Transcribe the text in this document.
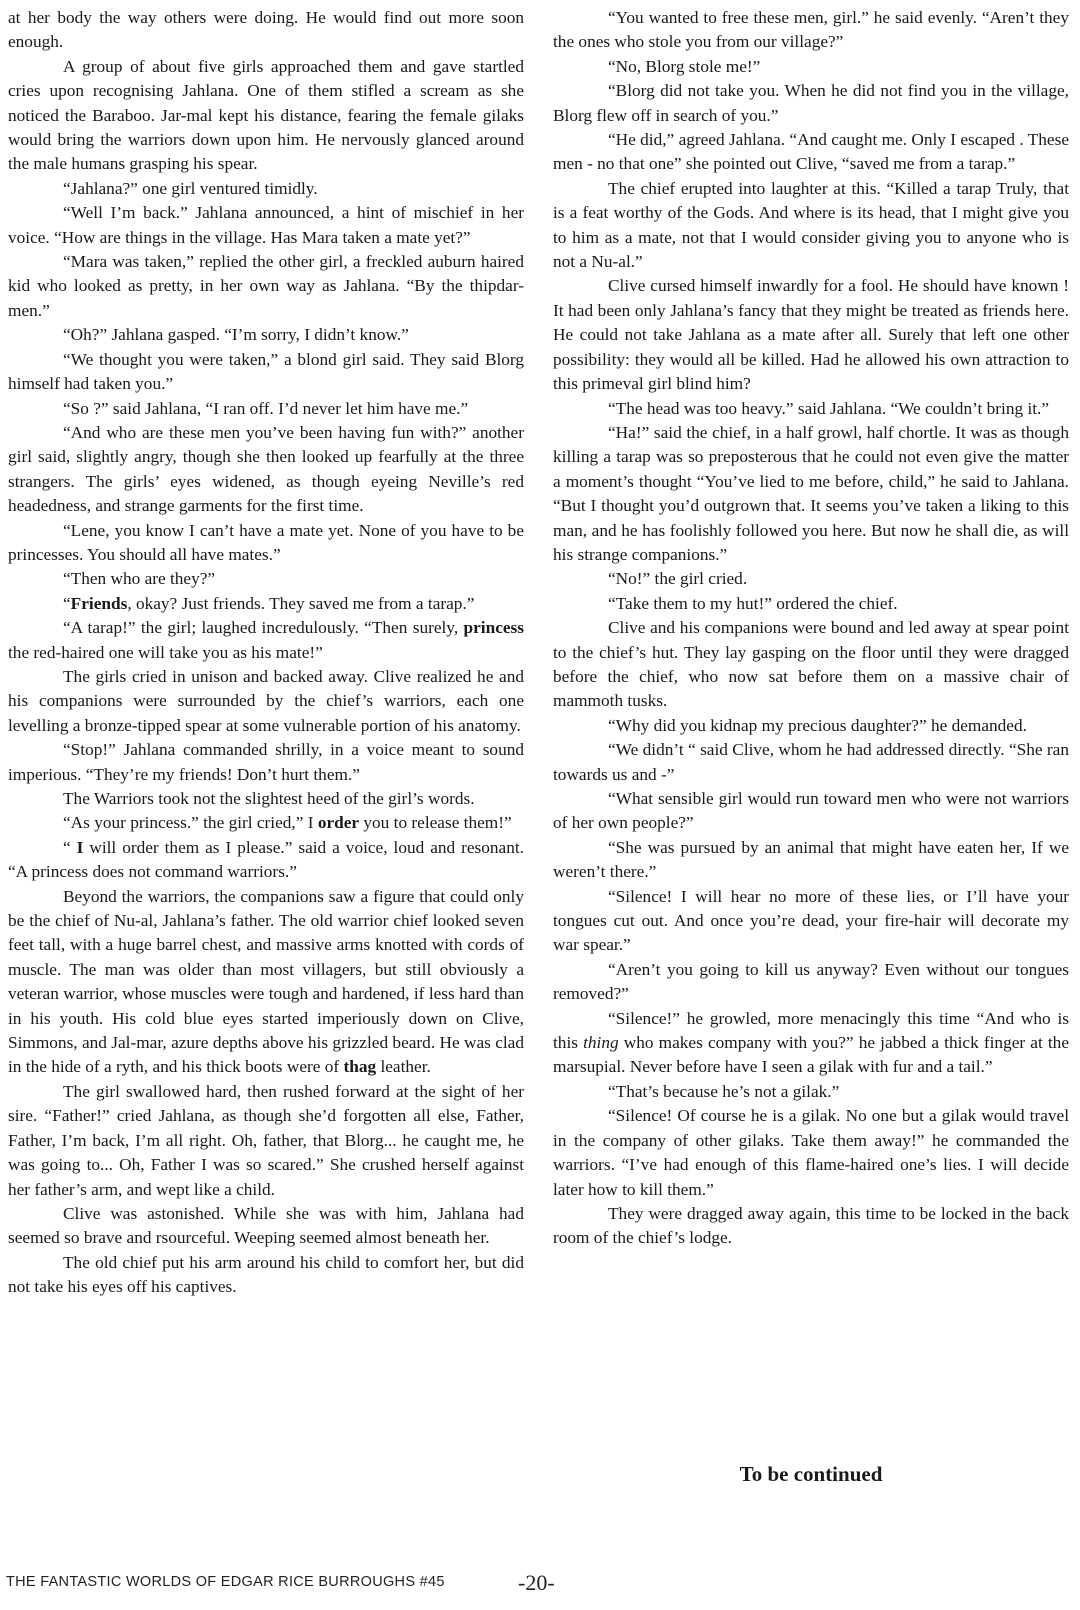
at her body the way others were doing. He would find out more soon enough.

A group of about five girls approached them and gave startled cries upon recognising Jahlana. One of them stifled a scream as she noticed the Baraboo. Jar-mal kept his distance, fearing the female gilaks would bring the warriors down upon him. He nervously glanced around the male humans grasping his spear.

“Jahlana?” one girl ventured timidly.

“Well I’m back.” Jahlana announced, a hint of mischief in her voice. “How are things in the village. Has Mara taken a mate yet?”

“Mara was taken,” replied the other girl, a freckled auburn haired kid who looked as pretty, in her own way as Jahlana. “By the thipdar-men.”

“Oh?” Jahlana gasped. “I’m sorry, I didn’t know.”

“We thought you were taken,” a blond girl said. They said Blorg himself had taken you.”

“So ?” said Jahlana, “I ran off. I’d never let him have me.”

“And who are these men you’ve been having fun with?” another girl said, slightly angry, though she then looked up fearfully at the three strangers. The girls’ eyes widened, as though eyeing Neville’s red headedness, and strange garments for the first time.

“Lene, you know I can’t have a mate yet. None of you have to be princesses. You should all have mates.”

“Then who are they?”

“Friends, okay? Just friends. They saved me from a tarap.”

“A tarap!” the girl; laughed incredulously. “Then surely, princess the red-haired one will take you as his mate!”

The girls cried in unison and backed away. Clive realized he and his companions were surrounded by the chief’s warriors, each one levelling a bronze-tipped spear at some vulnerable portion of his anatomy.

“Stop!” Jahlana commanded shrilly, in a voice meant to sound imperious. “They’re my friends! Don’t hurt them.”

The Warriors took not the slightest heed of the girl’s words.

“As your princess.” the girl cried,” I order you to release them!”

“ I will order them as I please.” said a voice, loud and resonant. “A princess does not command warriors.”

Beyond the warriors, the companions saw a figure that could only be the chief of Nu-al, Jahlana’s father. The old warrior chief looked seven feet tall, with a huge barrel chest, and massive arms knotted with cords of muscle. The man was older than most villagers, but still obviously a veteran warrior, whose muscles were tough and hardened, if less hard than in his youth. His cold blue eyes started imperiously down on Clive, Simmons, and Jal-mar, azure depths above his grizzled beard. He was clad in the hide of a ryth, and his thick boots were of thag leather.

The girl swallowed hard, then rushed forward at the sight of her sire. “Father!” cried Jahlana, as though she’d forgotten all else, Father, Father, I’m back, I’m all right. Oh, father, that Blorg... he caught me, he was going to... Oh, Father I was so scared.” She crushed herself against her father’s arm, and wept like a child.

Clive was astonished. While she was with him, Jahlana had seemed so brave and rsourceful. Weeping seemed almost beneath her.

The old chief put his arm around his child to comfort her, but did not take his eyes off his captives.

“You wanted to free these men, girl.” he said evenly. “Aren’t they the ones who stole you from our village?”

“No, Blorg stole me!”

“Blorg did not take you. When he did not find you in the village, Blorg flew off in search of you.”

“He did,” agreed Jahlana. “And caught me. Only I escaped . These men - no that one” she pointed out Clive, “saved me from a tarap.”

The chief erupted into laughter at this. “Killed a tarap Truly, that is a feat worthy of the Gods. And where is its head, that I might give you to him as a mate, not that I would consider giving you to anyone who is not a Nu-al.”

Clive cursed himself inwardly for a fool. He should have known ! It had been only Jahlana’s fancy that they might be treated as friends here. He could not take Jahlana as a mate after all. Surely that left one other possibility: they would all be killed. Had he allowed his own attraction to this primeval girl blind him?

“The head was too heavy.” said Jahlana. “We couldn’t bring it.”

“Ha!” said the chief, in a half growl, half chortle. It was as though killing a tarap was so preposterous that he could not even give the matter a moment’s thought “You’ve lied to me before, child,” he said to Jahlana. “But I thought you’d outgrown that. It seems you’ve taken a liking to this man, and he has foolishly followed you here. But now he shall die, as will his strange companions.”

“No!” the girl cried.

“Take them to my hut!” ordered the chief.

Clive and his companions were bound and led away at spear point to the chief’s hut. They lay gasping on the floor until they were dragged before the chief, who now sat before them on a massive chair of mammoth tusks.

“Why did you kidnap my precious daughter?” he demanded.

“We didn’t “ said Clive, whom he had addressed directly. “She ran towards us and -”

“What sensible girl would run toward men who were not warriors of her own people?”

“She was pursued by an animal that might have eaten her, If we weren’t there.”

“Silence! I will hear no more of these lies, or I’ll have your tongues cut out. And once you’re dead, your fire-hair will decorate my war spear.”

“Aren’t you going to kill us anyway? Even without our tongues removed?”

“Silence!” he growled, more menacingly this time “And who is this thing who makes company with you?” he jabbed a thick finger at the marsupial. Never before have I seen a gilak with fur and a tail.”

“That’s because he’s not a gilak.”

“Silence! Of course he is a gilak. No one but a gilak would travel in the company of other gilaks. Take them away!” he commanded the warriors. “I’ve had enough of this flame-haired one’s lies. I will decide later how to kill them.”

They were dragged away again, this time to be locked in the back room of the chief’s lodge.

To be continued
THE FANTASTIC WORLDS OF EDGAR RICE BURROUGHS #45	-20-
